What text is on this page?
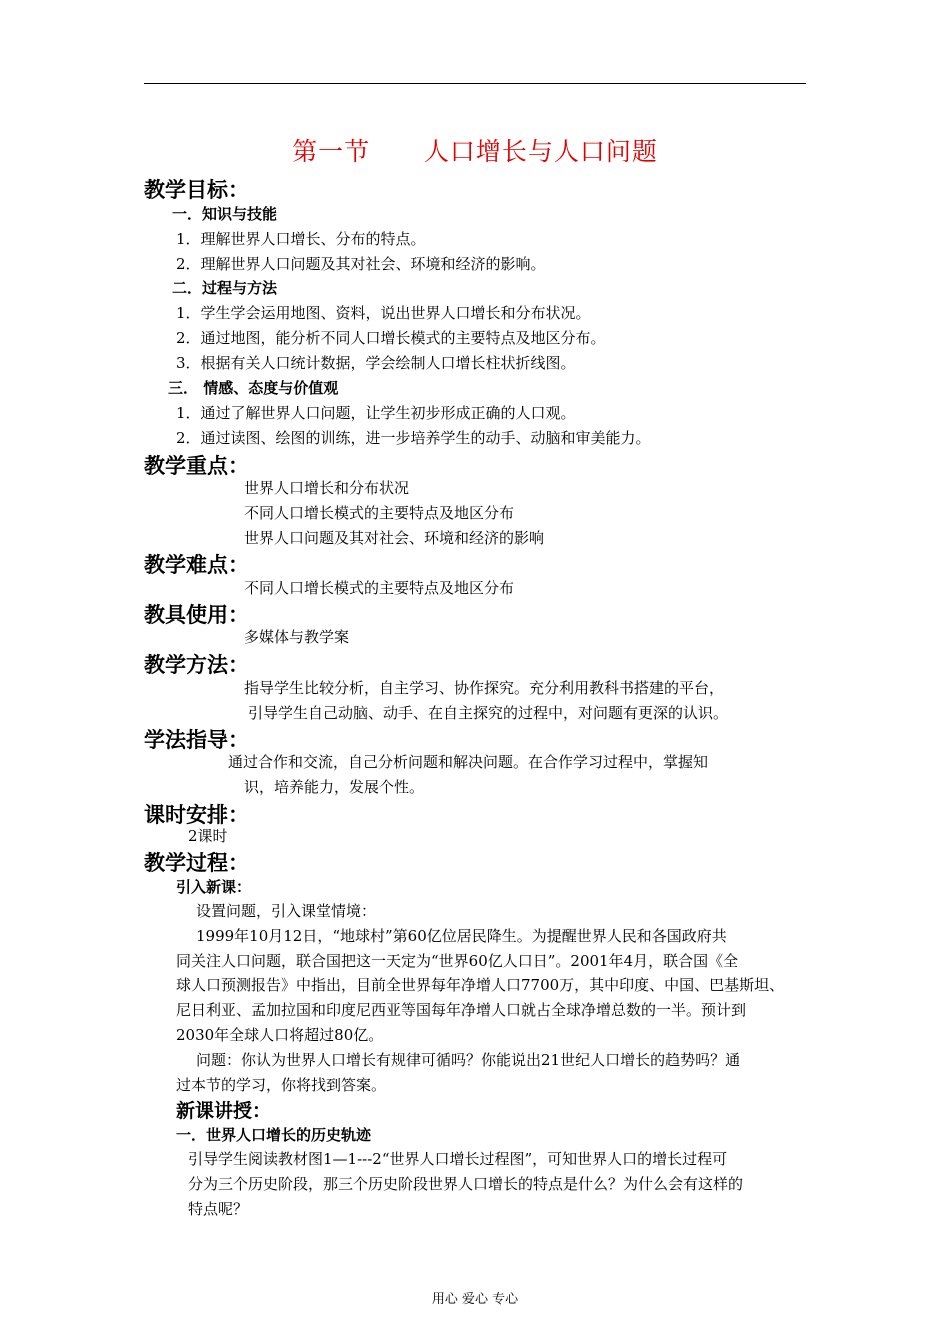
第一节      人口增长与人口问题
教学目标：
一．知识与技能
1．理解世界人口增长、分布的特点。
2．理解世界人口问题及其对社会、环境和经济的影响。
二．过程与方法
1．学生学会运用地图、资料，说出世界人口增长和分布状况。
2．通过地图，能分析不同人口增长模式的主要特点及地区分布。
3．根据有关人口统计数据，学会绘制人口增长柱状折线图。
三． 情感、态度与价值观
1．通过了解世界人口问题，让学生初步形成正确的人口观。
2．通过读图、绘图的训练，进一步培养学生的动手、动脑和审美能力。
教学重点：
世界人口增长和分布状况
不同人口增长模式的主要特点及地区分布
世界人口问题及其对社会、环境和经济的影响
教学难点：
不同人口增长模式的主要特点及地区分布
教具使用：
多媒体与教学案
教学方法：
指导学生比较分析，自主学习、协作探究。充分利用教科书搭建的平台，
引导学生自己动脑、动手、在自主探究的过程中，对问题有更深的认识。
学法指导：
通过合作和交流，自己分析问题和解决问题。在合作学习过程中，掌握知
识，培养能力，发展个性。
课时安排：
2课时
教学过程：
引入新课：
设置问题，引入课堂情境：
1999年10月12日，“地球村”第60亿位居民降生。为提醒世界人民和各国政府共
同关注人口问题，联合国把这一天定为“世界60亿人口日”。2001年4月，联合国《全
球人口预测报告》中指出，目前全世界每年净增人口7700万，其中印度、中国、巴基斯坦、
尼日利亚、孟加拉国和印度尼西亚等国每年净增人口就占全球净增总数的一半。预计到
2030年全球人口将超过80亿。
问题：你认为世界人口增长有规律可循吗？你能说出21世纪人口增长的趋势吗？通
过本节的学习，你将找到答案。
新课讲授：
一．世界人口增长的历史轨迹
引导学生阅读教材图1—1---2“世界人口增长过程图”，可知世界人口的增长过程可
分为三个历史阶段，那三个历史阶段世界人口增长的特点是什么？为什么会有这样的
特点呢？
用心 爱心 专心
